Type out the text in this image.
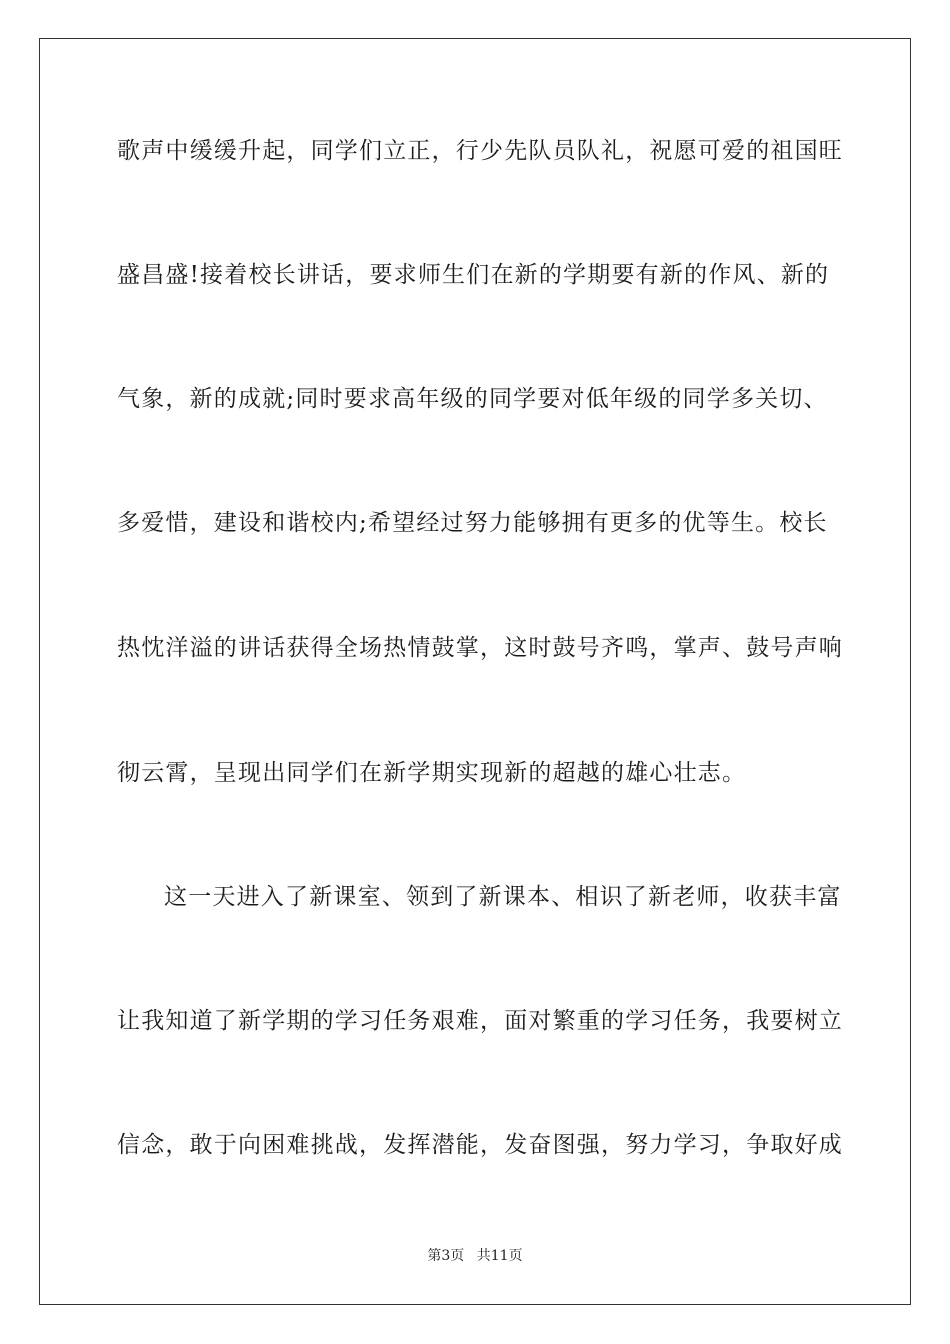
歌声中缓缓升起，同学们立正，行少先队员队礼，祝愿可爱的祖国旺
盛昌盛!接着校长讲话，要求师生们在新的学期要有新的作风、新的
气象，新的成就;同时要求高年级的同学要对低年级的同学多关切、
多爱惜，建设和谐校内;希望经过努力能够拥有更多的优等生。校长
热忱洋溢的讲话获得全场热情鼓掌，这时鼓号齐鸣，掌声、鼓号声响
彻云霄，呈现出同学们在新学期实现新的超越的雄心壮志。
这一天进入了新课室、领到了新课本、相识了新老师，收获丰富
让我知道了新学期的学习任务艰难，面对繁重的学习任务，我要树立
信念，敢于向困难挑战，发挥潜能，发奋图强，努力学习，争取好成
第3页 共11页
